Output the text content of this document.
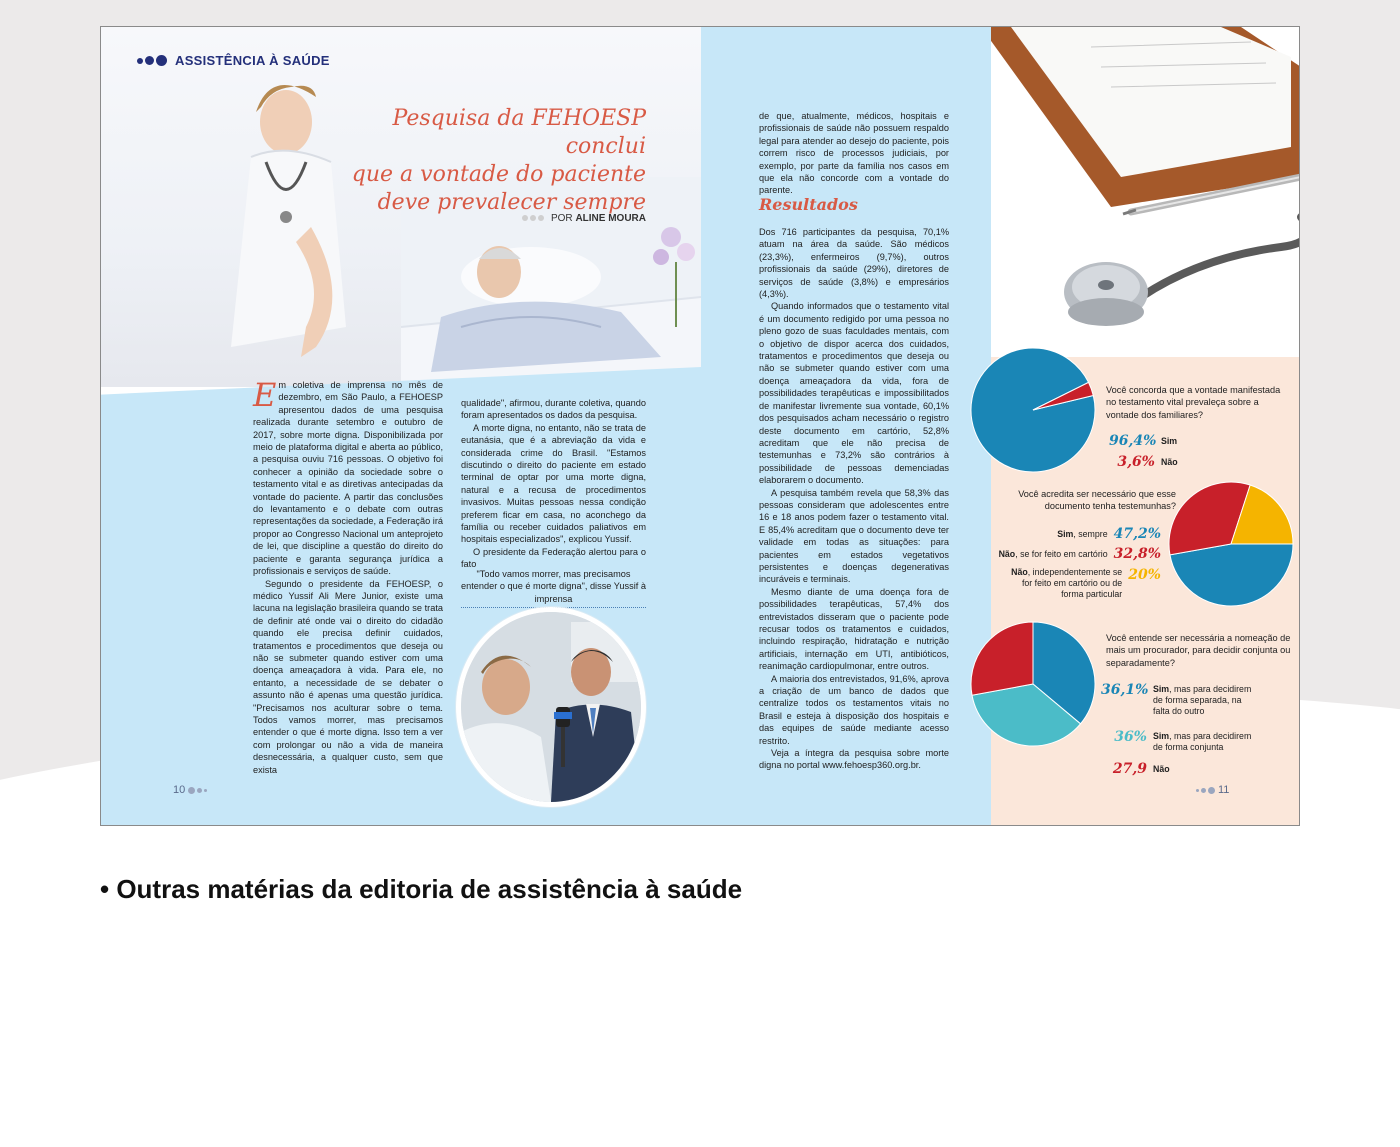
ASSISTÊNCIA À SAÚDE
Pesquisa da FEHOESP conclui
que a vontade do paciente
deve prevalecer sempre
POR ALINE MOURA

Em coletiva de imprensa no mês de dezembro, em São Paulo, a FEHOESP apresentou dados de uma pesquisa realizada durante setembro e outubro de 2017, sobre morte digna. Disponibilizada por meio de plataforma digital e aberta ao público, a pesquisa ouviu 716 pessoas. O objetivo foi conhecer a opinião da sociedade sobre o testamento vital e as diretivas antecipadas da vontade do paciente. A partir das conclusões do levantamento e o debate com outras representações da sociedade, a Federação irá propor ao Congresso Nacional um anteprojeto de lei, que discipline a questão do direito do paciente e garanta segurança jurídica a profissionais e serviços de saúde.

Segundo o presidente da FEHOESP, o médico Yussif Ali Mere Junior, existe uma lacuna na legislação brasileira quando se trata de definir até onde vai o direito do cidadão quando ele precisa definir cuidados, tratamentos e procedimentos que deseja ou não se submeter quando estiver com uma doença ameaçadora à vida. Para ele, no entanto, a necessidade de se debater o assunto não é apenas uma questão jurídica. "Precisamos nos aculturar sobre o tema. Todos vamos morrer, mas precisamos entender o que é morte digna. Isso tem a ver com prolongar ou não a vida de maneira desnecessária, a qualquer custo, sem que exista

qualidade", afirmou, durante coletiva, quando foram apresentados os dados da pesquisa.

A morte digna, no entanto, não se trata de eutanásia, que é a abreviação da vida e considerada crime do Brasil. "Estamos discutindo o direito do paciente em estado terminal de optar por uma morte digna, natural e a recusa de procedimentos invasivos. Muitas pessoas nessa condição preferem ficar em casa, no aconchego da família ou receber cuidados paliativos em hospitais especializados", explicou Yussif.

O presidente da Federação alertou para o fato

"Todo vamos morrer, mas precisamos entender o que é morte digna", disse Yussif à imprensa
10

de que, atualmente, médicos, hospitais e profissionais de saúde não possuem respaldo legal para atender ao desejo do paciente, pois correm risco de processos judiciais, por exemplo, por parte da família nos casos em que ela não concorde com a vontade do parente.

Resultados

Dos 716 participantes da pesquisa, 70,1% atuam na área da saúde. São médicos (23,3%), enfermeiros (9,7%), outros profissionais da saúde (29%), diretores de serviços de saúde (3,8%) e empresários (4,3%).

Quando informados que o testamento vital é um documento redigido por uma pessoa no pleno gozo de suas faculdades mentais, com o objetivo de dispor acerca dos cuidados, tratamentos e procedimentos que deseja ou não se submeter quando estiver com uma doença ameaçadora da vida, fora de possibilidades terapêuticas e impossibilitados de manifestar livremente sua vontade, 60,1% dos pesquisados acham necessário o registro deste documento em cartório, 52,8% acreditam que ele não precisa de testemunhas e 73,2% são contrários à possibilidade de pessoas demenciadas elaborarem o documento.

A pesquisa também revela que 58,3% das pessoas consideram que adolescentes entre 16 e 18 anos podem fazer o testamento vital. E 85,4% acreditam que o documento deve ter validade em todas as situações: para pacientes em estados vegetativos persistentes e doenças degenerativas incuráveis e terminais.

Mesmo diante de uma doença fora de possibilidades terapêuticas, 57,4% dos entrevistados disseram que o paciente pode recusar todos os tratamentos e cuidados, incluindo respiração, hidratação e nutrição artificiais, internação em UTI, antibióticos, reanimação cardiopulmonar, entre outros.

A maioria dos entrevistados, 91,6%, aprova a criação de um banco de dados que centralize todos os testamentos vitais no Brasil e esteja à disposição dos hospitais e das equipes de saúde mediante acesso restrito.

Veja a íntegra da pesquisa sobre morte digna no portal www.fehoesp360.org.br.

Você concorda que a vontade manifestada no testamento vital prevaleça sobre a vontade dos familiares?
96,4% Sim
3,6% Não
Você acredita ser necessário que esse documento tenha testemunhas?
Sim, sempre 47,2%
Não, se for feito em cartório 32,8%
Não, independentemente se for feito em cartório ou de forma particular
20%
Você entende ser necessária a nomeação de mais um procurador, para decidir conjunta ou separadamente?
36,1% Sim, mas para decidirem de forma separada, na falta do outro
36% Sim, mas para decidirem de forma conjunta
27,9 Não
11
• Outras matérias da editoria de assistência à saúde
